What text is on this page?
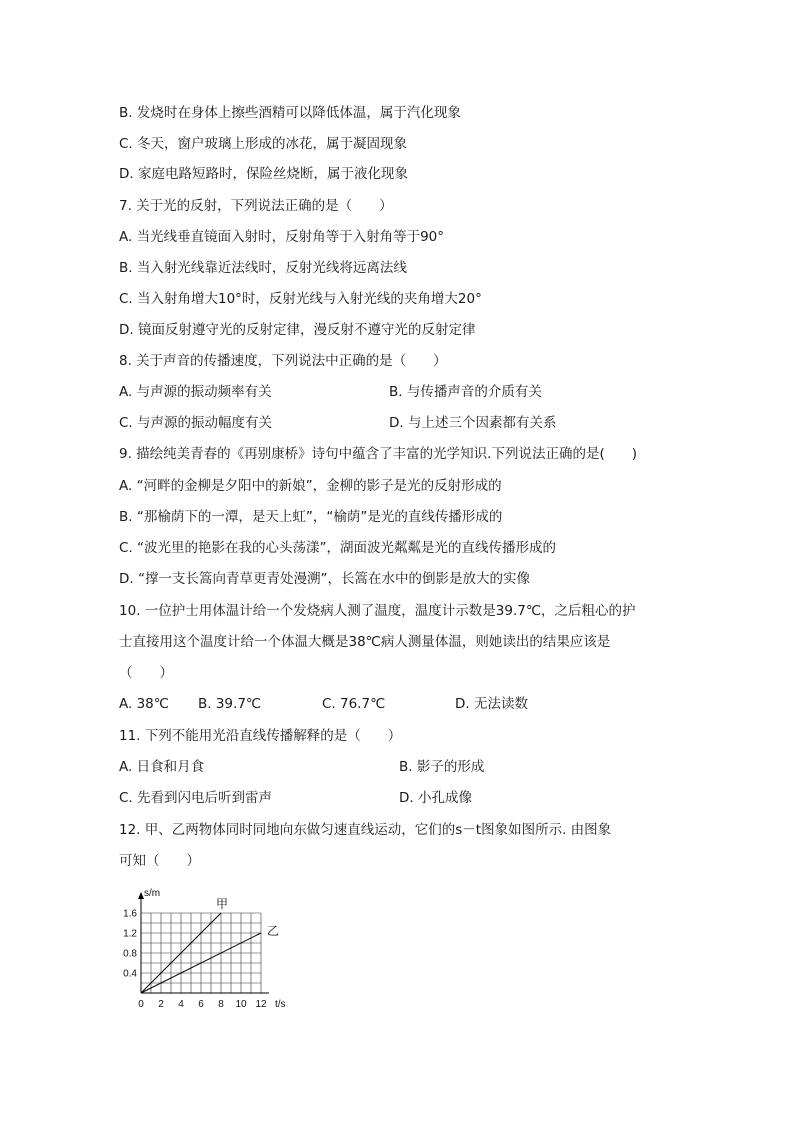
B. 发烧时在身体上擦些酒精可以降低体温，属于汽化现象
C. 冬天，窗户玻璃上形成的冰花，属于凝固现象
D. 家庭电路短路时，保险丝烧断，属于液化现象
7. 关于光的反射，下列说法正确的是（　　）
A. 当光线垂直镜面入射时，反射角等于入射角等于90°
B. 当入射光线靠近法线时，反射光线将远离法线
C. 当入射角增大10°时，反射光线与入射光线的夹角增大20°
D. 镜面反射遵守光的反射定律，漫反射不遵守光的反射定律
8. 关于声音的传播速度，下列说法中正确的是（　　）
A. 与声源的振动频率有关	B. 与传播声音的介质有关
C. 与声源的振动幅度有关	D. 与上述三个因素都有关系
9. 描绘纯美青春的《再别康桥》诗句中蕴含了丰富的光学知识.下列说法正确的是(　　)
A. “河畔的金柳是夕阳中的新娘”，金柳的影子是光的反射形成的
B. “那榆荫下的一潭，是天上虹”，“榆荫”是光的直线传播形成的
C. “波光里的艳影在我的心头荡漾”，湖面波光粼粼是光的直线传播形成的
D. “撑一支长篙向青草更青处漫溯”，长篙在水中的倒影是放大的实像
10. 一位护士用体温计给一个发烧病人测了温度，温度计示数是39.7℃，之后粗心的护
士直接用这个温度计给一个体温大概是38℃病人测量体温，则她读出的结果应该是
（　　）
A. 38℃ B. 39.7℃	C. 76.7℃	D. 无法读数
11. 下列不能用光沿直线传播解释的是（　　）
A. 日食和月食	B. 影子的形成
C. 先看到闪电后听到雷声	D. 小孔成像
12. 甲、乙两物体同时同地向东做匀速直线运动，它们的s－t图象如图所示. 由图象
可知（　　）
s/m
t/s
0 2 4 6 8 10 12
0.4
0.8
1.2
1.6
甲
乙
